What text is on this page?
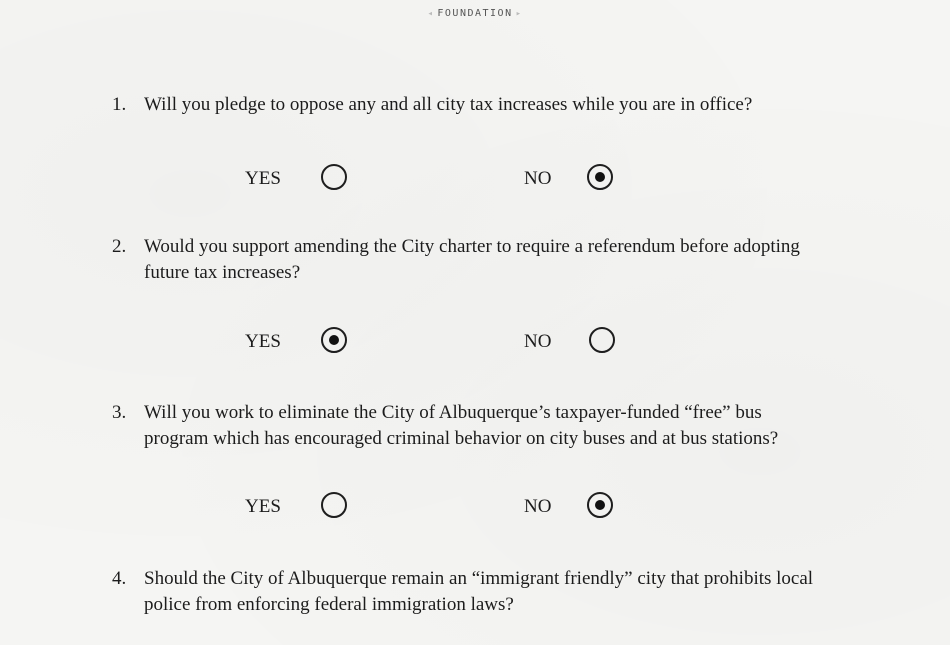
◂ FOUNDATION ▸
1. Will you pledge to oppose any and all city tax increases while you are in office?
YES	NO
2. Would you support amending the City charter to require a referendum before adopting
future tax increases?
YES	NO
3. Will you work to eliminate the City of Albuquerque’s taxpayer-funded “free” bus
program which has encouraged criminal behavior on city buses and at bus stations?
YES	NO
4. Should the City of Albuquerque remain an “immigrant friendly” city that prohibits local
police from enforcing federal immigration laws?
